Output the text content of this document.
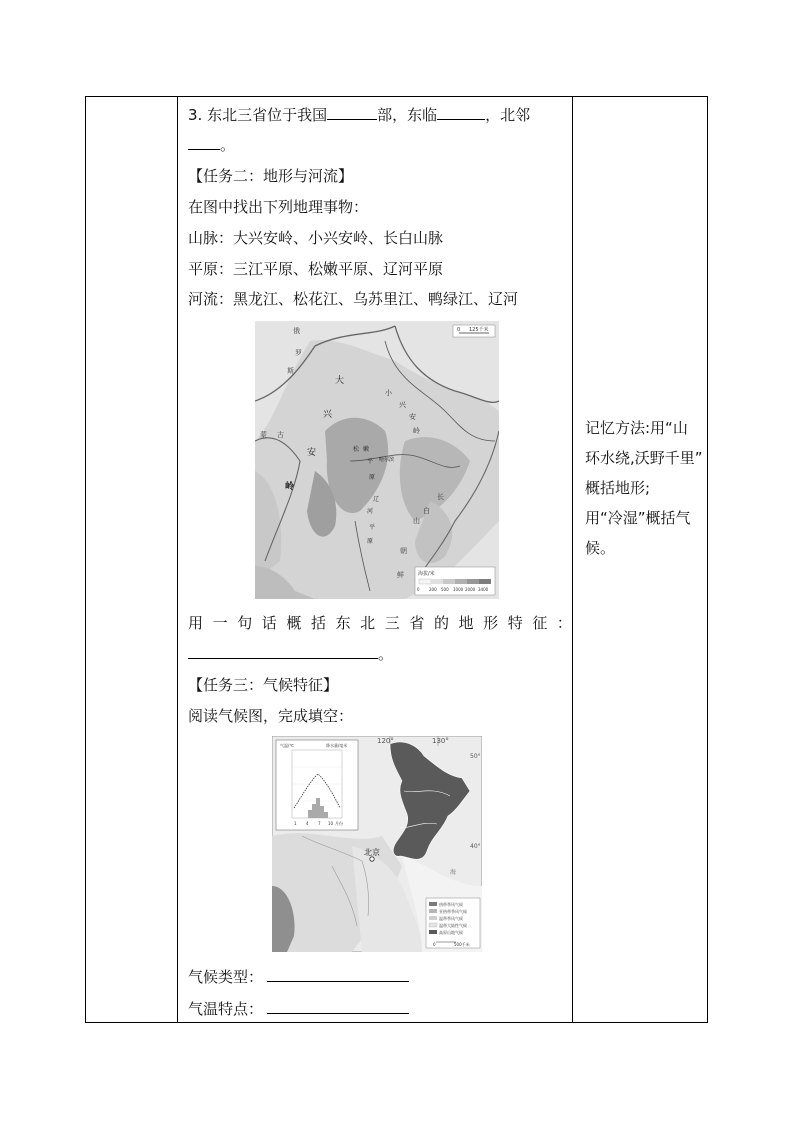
3. 东北三省位于我国	部，东临	，北邻
。
【任务二：地形与河流】
在图中找出下列地理事物：
山脉：大兴安岭、小兴安岭、长白山脉
平原：三江平原、松嫩平原、辽河平原
河流：黑龙江、松花江、乌苏里江、鸭绿江、辽河
0 125千米
海拔/米
0 200 500 1000 2000 3400
俄
罗
斯
大
兴
安
岭
蒙 古
小
兴
安
岭
松 嫩
平
原
哈尔滨
长
白
山
辽
河
平
原
朝
鲜
用 一 句 话 概 括 东 北 三 省 的 地 形 特 征 ：
。
【任务三：气候特征】
阅读气候图，完成填空：
120°	130°
50°
40°
北京
海
气温/℃	降水量/毫米
1 4 7 10 月份
热带季风气候
亚热带季风气候
温带季风气候
温带大陆性气候
高原山地气候
0	500千米
气候类型：
气温特点：
记忆方法:用“山
环水绕,沃野千里”
概括地形;
用“冷湿”概括气
候。
